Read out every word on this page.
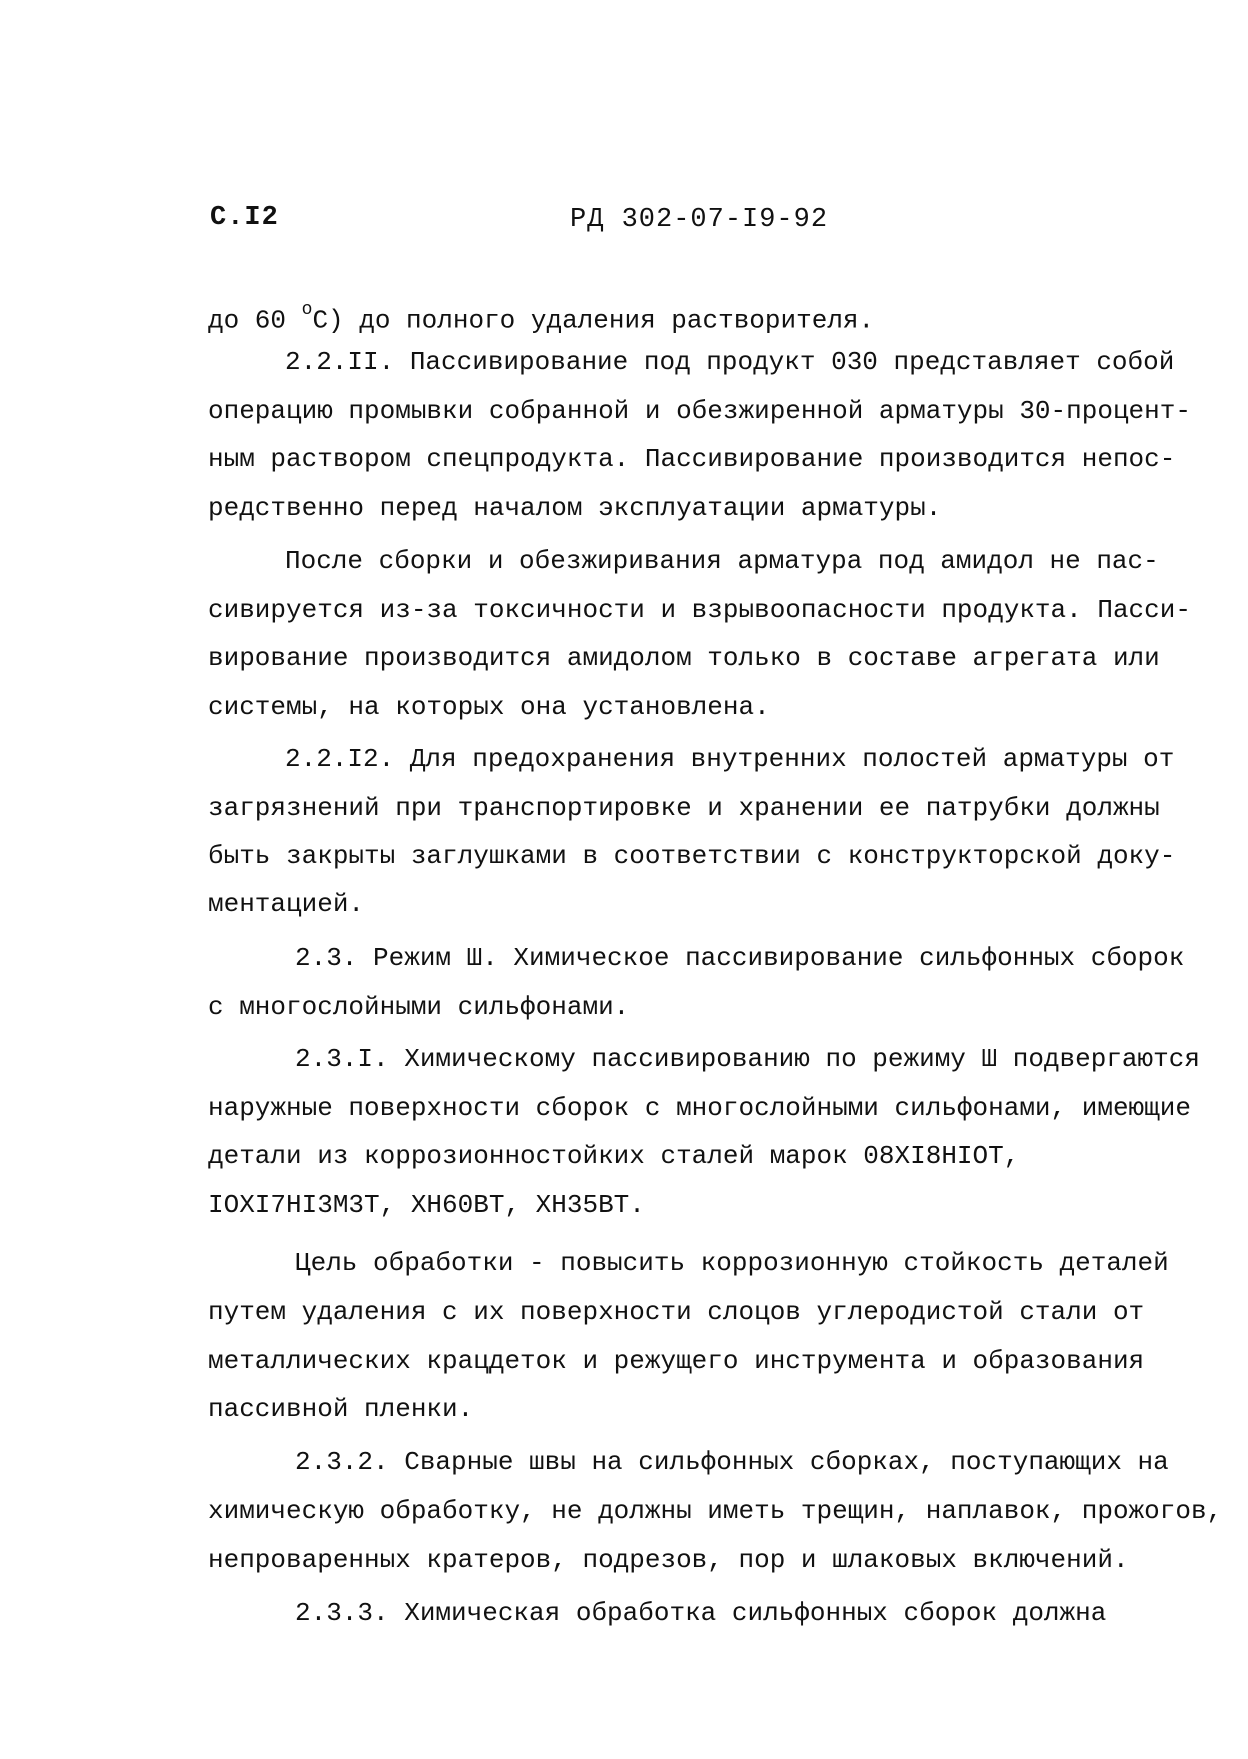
С.I2	РД 302-07-I9-92
до 60 $^о$С) до полного удаления растворителя.
2.2.II. Пассивирование под продукт 030 представляет собой
операцию промывки собранной и обезжиренной арматуры 30-процент-
ным раствором спецпродукта. Пассивирование производится непос-
редственно перед началом эксплуатации арматуры.
После сборки и обезжиривания арматура под амидол не пас-
сивируется из-за токсичности и взрывоопасности продукта. Пасси-
вирование производится амидолом только в составе агрегата или
системы, на которых она установлена.
2.2.I2. Для предохранения внутренних полостей арматуры от
загрязнений при транспортировке и хранении ее патрубки должны
быть закрыты заглушками в соответствии с конструкторской доку-
ментацией.
2.3. Режим Ш. Химическое пассивирование сильфонных сборок
с многослойными сильфонами.
2.3.I. Химическому пассивированию по режиму Ш подвергаются
наружные поверхности сборок с многослойными сильфонами, имеющие
детали из коррозионностойких сталей марок 08XI8HIOT,
IOXI7HI3M3T, XH60BT, XH35BT.
Цель обработки - повысить коррозионную стойкость деталей
путем удаления с их поверхности слоцов углеродистой стали от
металлических крацдеток и режущего инструмента и образования
пассивной пленки.
2.3.2. Сварные швы на сильфонных сборках, поступающих на
химическую обработку, не должны иметь трещин, наплавок, прожогов,
непроваренных кратеров, подрезов, пор и шлаковых включений.
2.3.3. Химическая обработка сильфонных сборок должна
